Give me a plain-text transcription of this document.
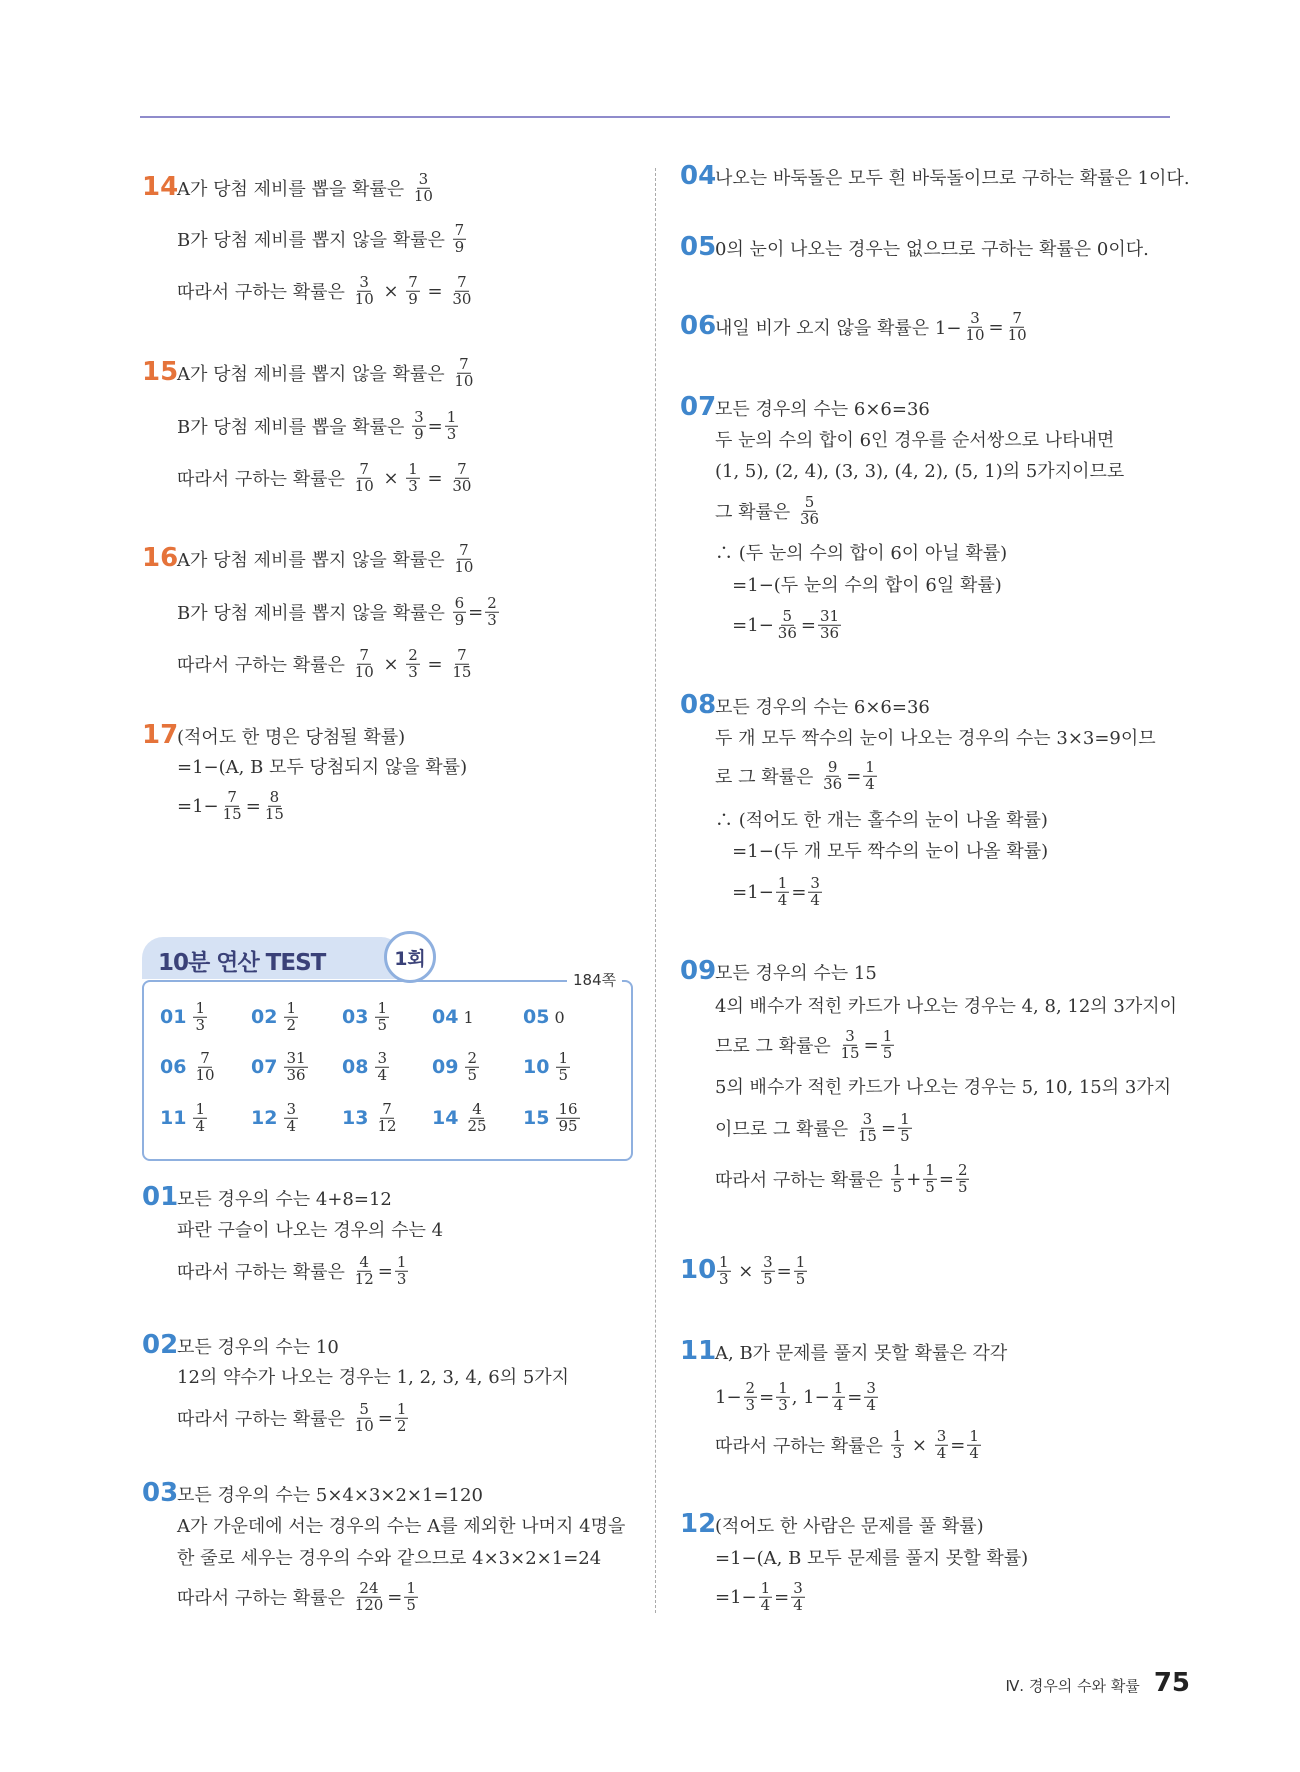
14
A가 당첨 제비를 뽑을 확률은 $\frac{3}{10}$
B가 당첨 제비를 뽑지 않을 확률은 $\frac{7}{9}$
따라서 구하는 확률은 $\frac{3}{10} \times \frac{7}{9} = \frac{7}{30}$
15
A가 당첨 제비를 뽑지 않을 확률은 $\frac{7}{10}$
B가 당첨 제비를 뽑을 확률은 $\frac{3}{9} = \frac{1}{3}$
따라서 구하는 확률은 $\frac{7}{10} \times \frac{1}{3} = \frac{7}{30}$
16
A가 당첨 제비를 뽑지 않을 확률은 $\frac{7}{10}$
B가 당첨 제비를 뽑지 않을 확률은 $\frac{6}{9} = \frac{2}{3}$
따라서 구하는 확률은 $\frac{7}{10} \times \frac{2}{3} = \frac{7}{15}$
17
(적어도 한 명은 당첨될 확률)
=1−(A, B 모두 당첨되지 않을 확률)
$=1- \frac{7}{15} = \frac{8}{15}$
01
모든 경우의 수는 4+8=12
파란 구슬이 나오는 경우의 수는 4
따라서 구하는 확률은 $\frac{4}{12} = \frac{1}{3}$
02
모든 경우의 수는 10
12의 약수가 나오는 경우는 1, 2, 3, 4, 6의 5가지
따라서 구하는 확률은 $\frac{5}{10} = \frac{1}{2}$
03
모든 경우의 수는 5×4×3×2×1=120
A가 가운데에 서는 경우의 수는 A를 제외한 나머지 4명을
한 줄로 세우는 경우의 수와 같으므로 4×3×2×1=24
따라서 구하는 확률은 $\frac{24}{120} = \frac{1}{5}$
04
나오는 바둑돌은 모두 흰 바둑돌이므로 구하는 확률은 1이다.
05
0의 눈이 나오는 경우는 없으므로 구하는 확률은 0이다.
06
내일 비가 오지 않을 확률은 $1- \frac{3}{10} = \frac{7}{10}$
07
모든 경우의 수는 6×6=36
두 눈의 수의 합이 6인 경우를 순서쌍으로 나타내면
(1, 5), (2, 4), (3, 3), (4, 2), (5, 1)의 5가지이므로
그 확률은 $\frac{5}{36}$
∴ (두 눈의 수의 합이 6이 아닐 확률)
=1−(두 눈의 수의 합이 6일 확률)
$=1- \frac{5}{36} = \frac{31}{36}$
08
모든 경우의 수는 6×6=36
두 개 모두 짝수의 눈이 나오는 경우의 수는 3×3=9이므
로 그 확률은 $\frac{9}{36} = \frac{1}{4}$
∴ (적어도 한 개는 홀수의 눈이 나올 확률)
=1−(두 개 모두 짝수의 눈이 나올 확률)
$=1- \frac{1}{4} = \frac{3}{4}$
09
모든 경우의 수는 15
4의 배수가 적힌 카드가 나오는 경우는 4, 8, 12의 3가지이
므로 그 확률은 $\frac{3}{15} = \frac{1}{5}$
5의 배수가 적힌 카드가 나오는 경우는 5, 10, 15의 3가지
이므로 그 확률은 $\frac{3}{15} = \frac{1}{5}$
따라서 구하는 확률은 $\frac{1}{5} + \frac{1}{5} = \frac{2}{5}$
$10 \frac{1}{3} \times \frac{3}{5} = \frac{1}{5}$
11
A, B가 문제를 풀지 못할 확률은 각각
$1- \frac{2}{3} = \frac{1}{3}$ , $1- \frac{1}{4} = \frac{3}{4}$
따라서 구하는 확률은 $\frac{1}{3} \times \frac{3}{4} = \frac{1}{4}$
12
(적어도 한 사람은 문제를 풀 확률)
=1−(A, B 모두 문제를 풀지 못할 확률)
$=1- \frac{1}{4} = \frac{3}{4}$
10분 연산 TEST	1회
184쪽
$01 \frac{1}{3} 02 \frac{1}{2} 03 \frac{1}{5} 04$ 1	05 0
$06 \frac{7}{10} 07 \frac{31}{36} 08 \frac{3}{4} 09 \frac{2}{5} 10 \frac{1}{5}$
$11 \frac{1}{4} 12 \frac{3}{4} 13 \frac{7}{12} 14 \frac{4}{25} 15 \frac{16}{95}$
Ⅳ. 경우의 수와 확률 75
